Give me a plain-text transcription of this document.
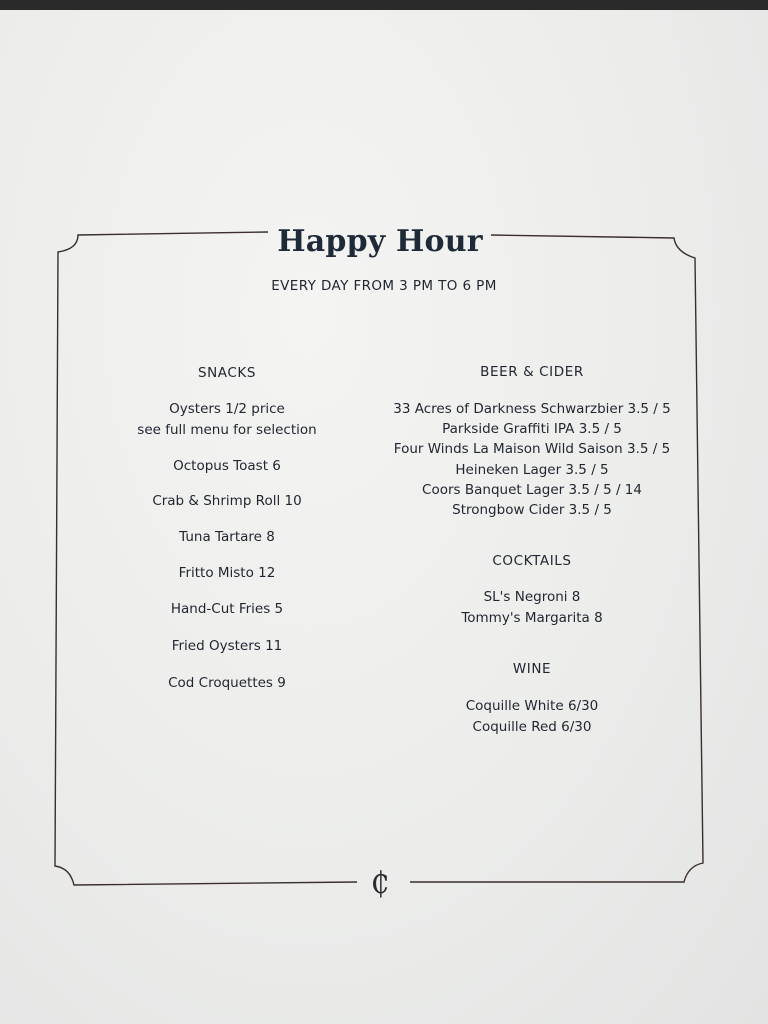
Happy Hour
EVERY DAY FROM 3 PM TO 6 PM
SNACKS
Oysters 1/2 price
see full menu for selection
Octopus Toast 6
Crab & Shrimp Roll 10
Tuna Tartare 8
Fritto Misto 12
Hand-Cut Fries 5
Fried Oysters 11
Cod Croquettes 9
BEER & CIDER
33 Acres of Darkness Schwarzbier 3.5 / 5
Parkside Graffiti IPA 3.5 / 5
Four Winds La Maison Wild Saison 3.5 / 5
Heineken Lager 3.5 / 5
Coors Banquet Lager 3.5 / 5 / 14
Strongbow Cider 3.5 / 5
COCKTAILS
SL's Negroni 8
Tommy's Margarita 8
WINE
Coquille White 6/30
Coquille Red 6/30
₵
